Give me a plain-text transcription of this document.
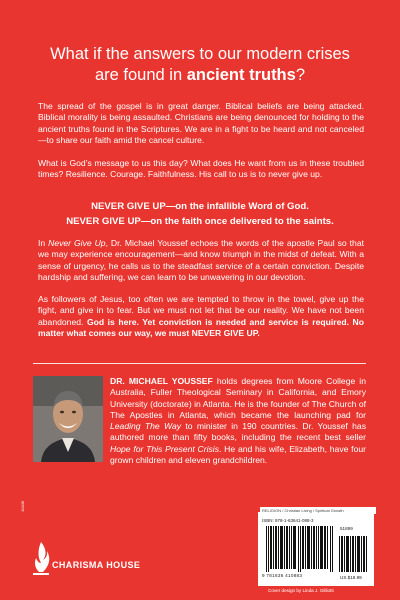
What if the answers to our modern crises
are found in ancient truths?
The spread of the gospel is in great danger. Biblical beliefs are being attacked. Biblical morality is being assaulted. Christians are being denounced for holding to the ancient truths found in the Scriptures. We are in a fight to be heard and not canceled—to share our faith amid the cancel culture.
What is God’s message to us this day? What does He want from us in these troubled times? Resilience. Courage. Faithfulness. His call to us is to never give up.
NEVER GIVE UP—on the infallible Word of God.
NEVER GIVE UP—on the faith once delivered to the saints.
In Never Give Up, Dr. Michael Youssef echoes the words of the apostle Paul so that we may experience encouragement—and know triumph in the midst of defeat. With a sense of urgency, he calls us to the steadfast service of a certain conviction. Despite hardship and suffering, we can learn to be unwavering in our devotion.
As followers of Jesus, too often we are tempted to throw in the towel, give up the fight, and give in to fear. But we must not let that be our reality. We have not been abandoned. God is here. Yet conviction is needed and service is required. No matter what comes our way, we must NEVER GIVE UP.
DR. MICHAEL YOUSSEF holds degrees from Moore College in Australia, Fuller Theological Seminary in California, and Emory University (doctorate) in Atlanta. He is the founder of The Church of The Apostles in Atlanta, which became the launching pad for Leading The Way to minister in 190 countries. Dr. Youssef has authored more than fifty books, including the recent best seller Hope for This Present Crisis. He and his wife, Elizabeth, have four grown children and eleven grandchildren.
10446
CHARISMA HOUSE
RELIGION / Christian Living / Spiritual Growth
ISBN: 978-1-63641-088-3
9 781636 410883
51899
US $18.99
Cover design by Linda J. Gilliotti
